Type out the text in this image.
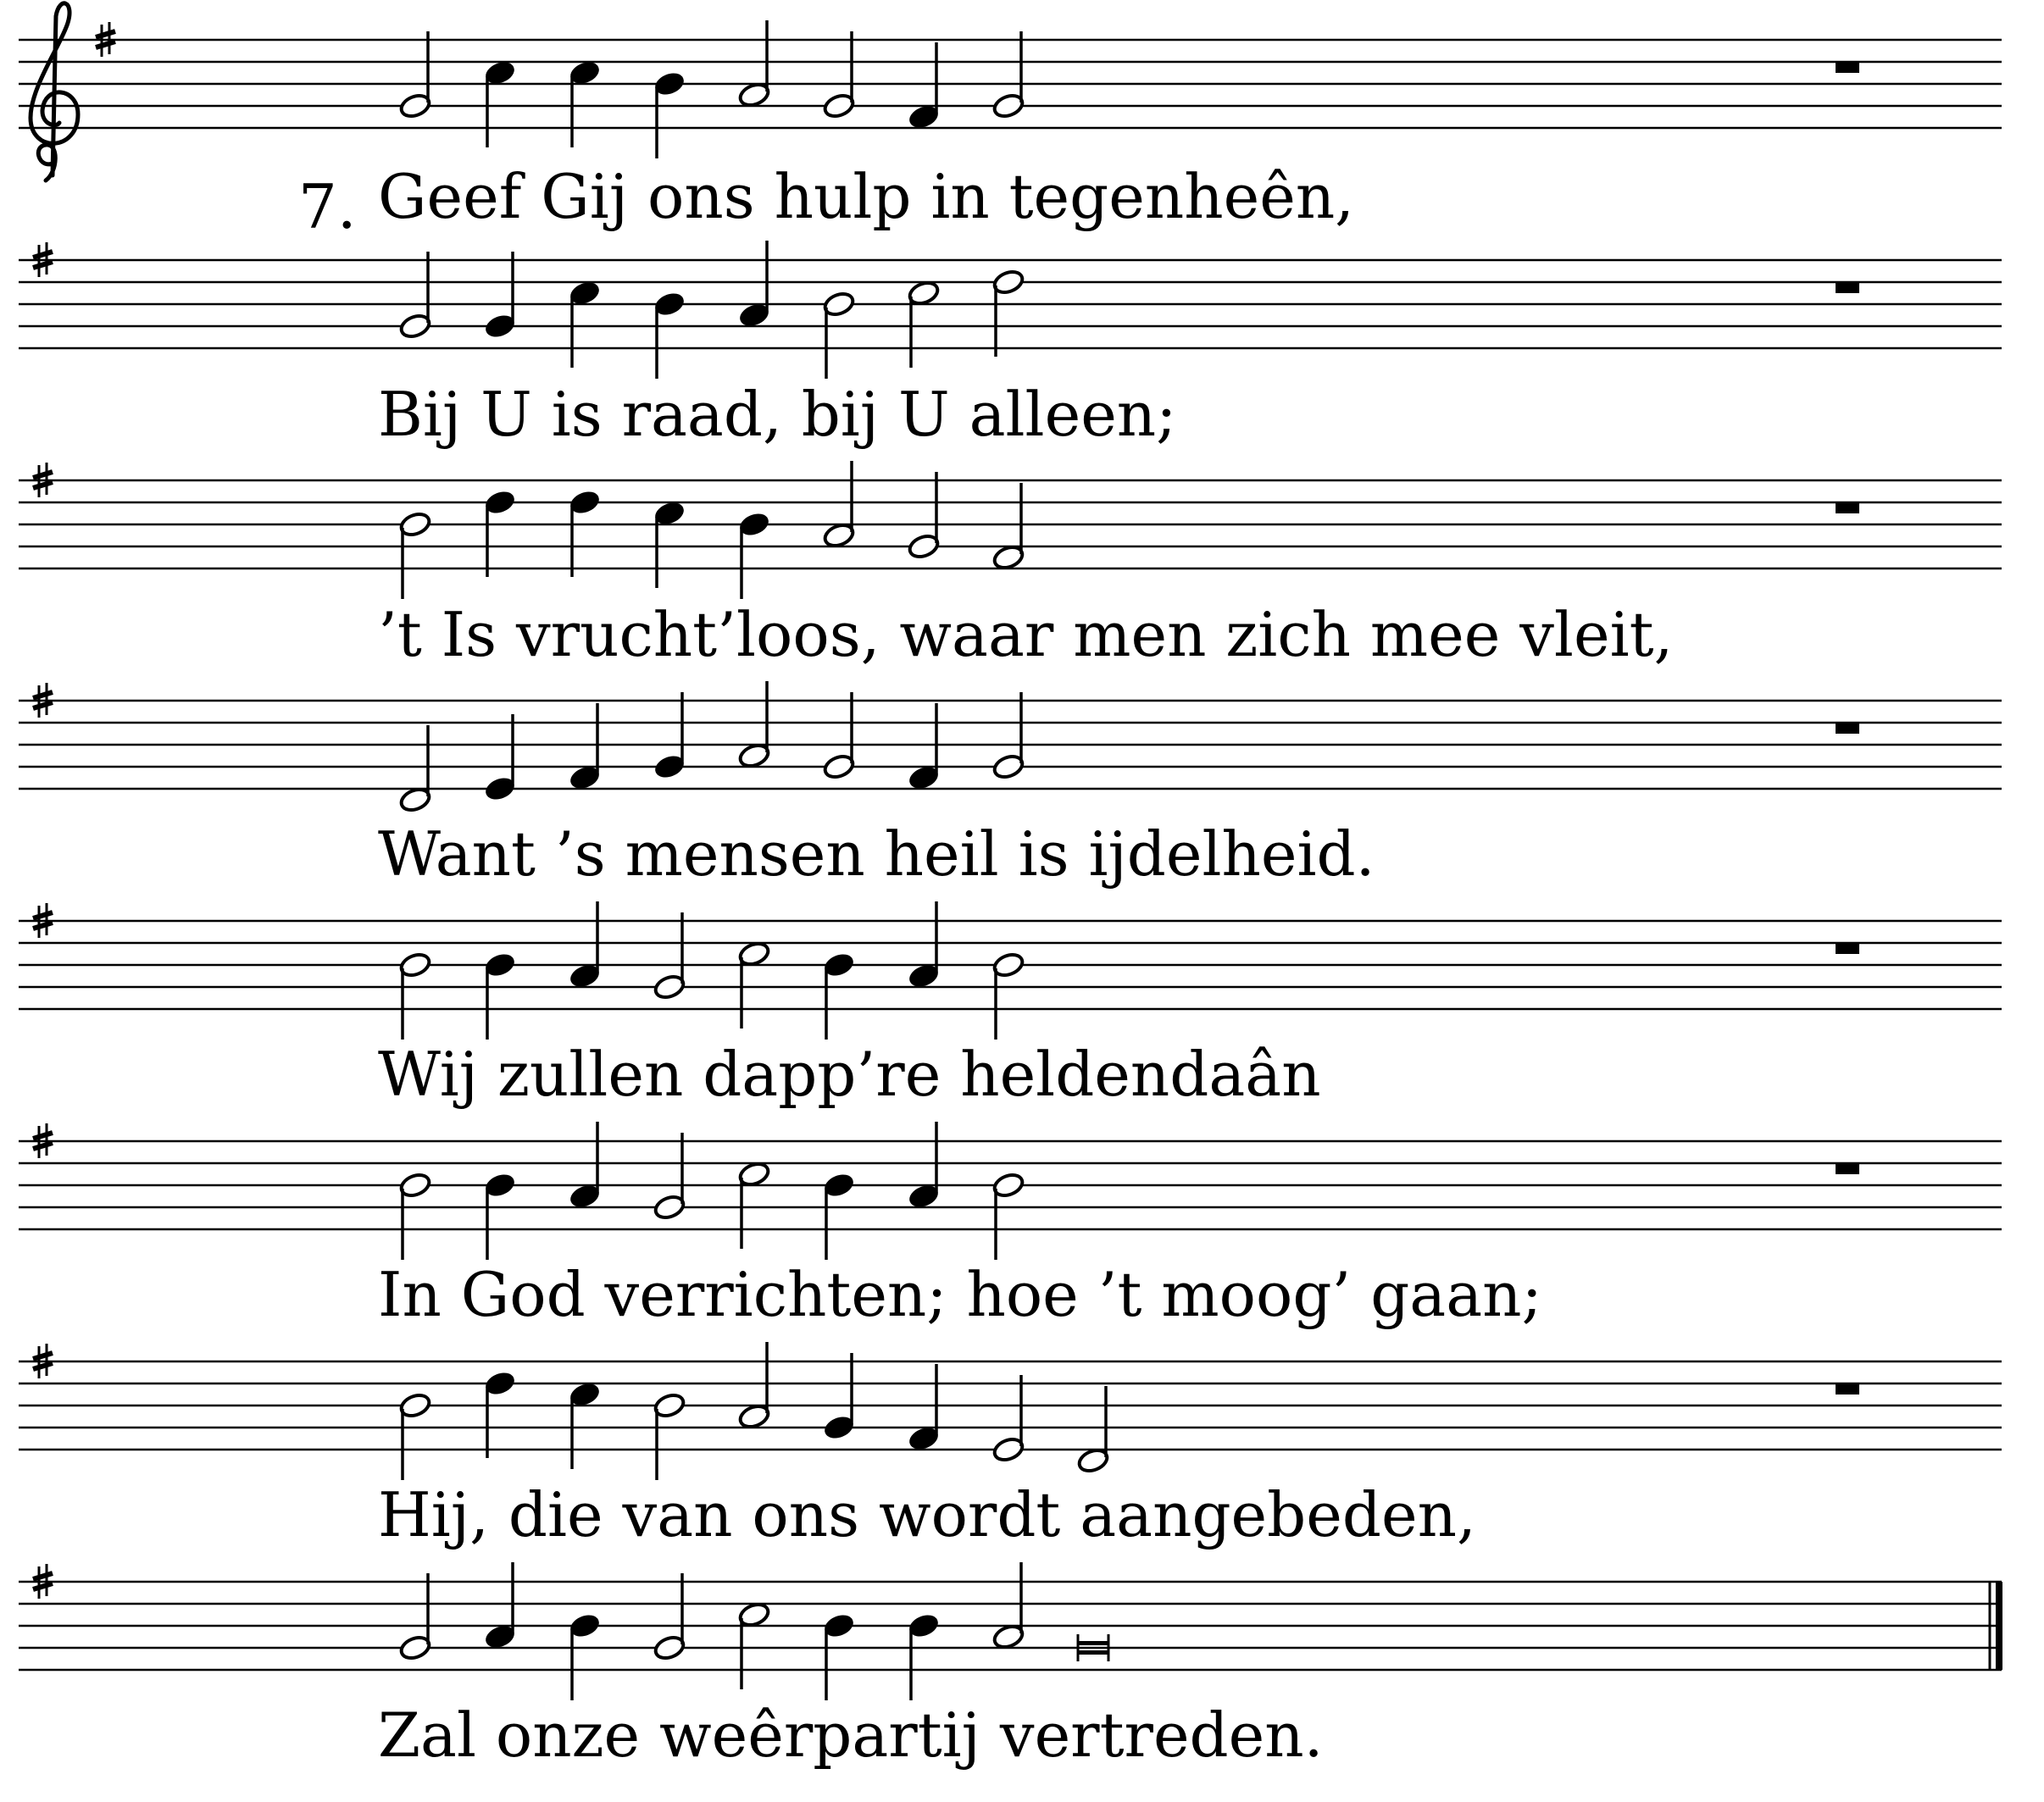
7. Geef Gij ons hulp in tegenheên,
Bij U is raad, bij U alleen;
’t Is vrucht’loos, waar men zich mee vleit,
Want ’s mensen heil is ijdelheid.
Wij zullen dapp’re heldendaân
In God verrichten; hoe ’t moog’ gaan;
Hij, die van ons wordt aangebeden,
Zal onze weêrpartij vertreden.
